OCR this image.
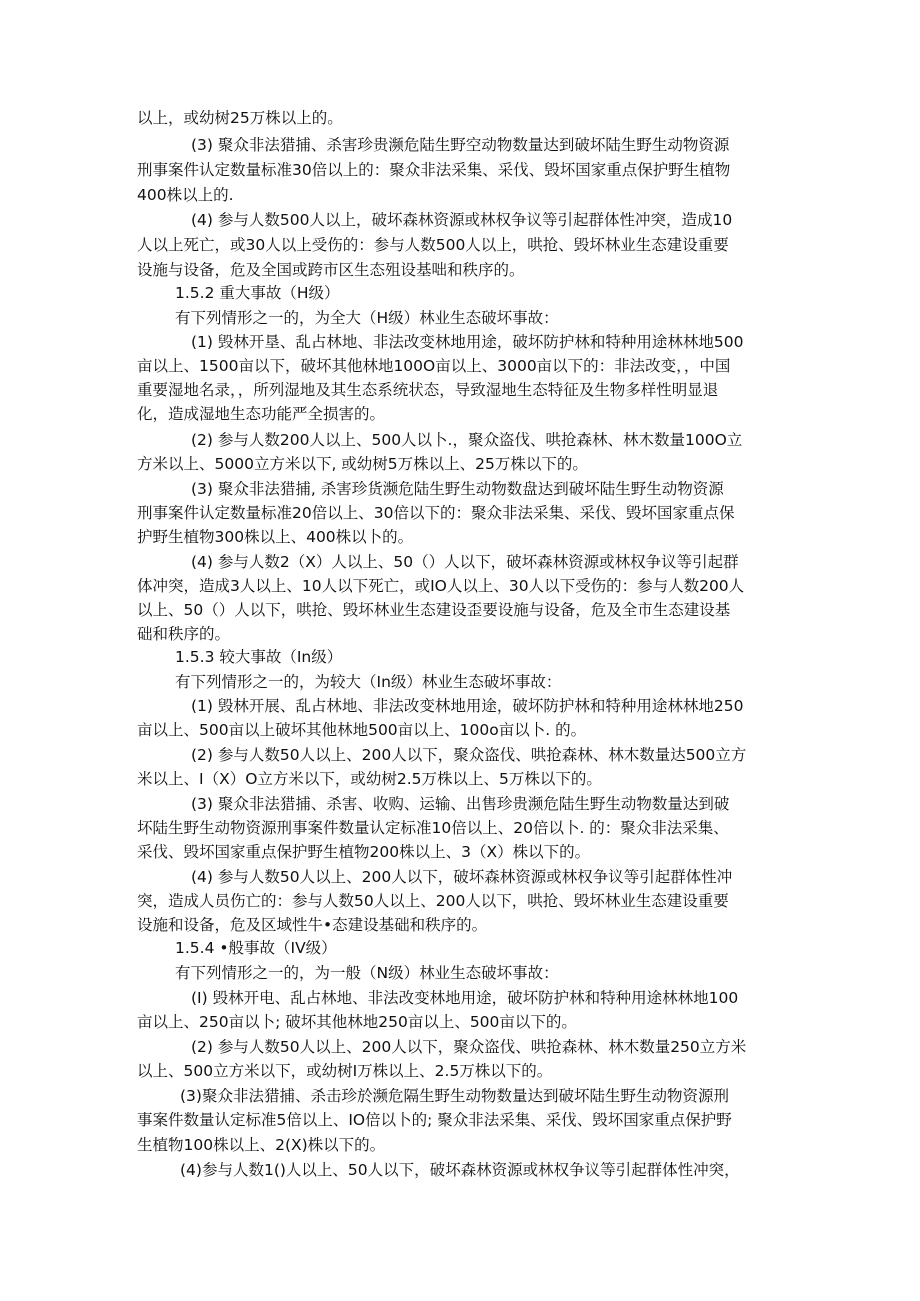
以上，或幼树25万株以上的。
(3) 聚众非法猎捕、杀害珍贵濒危陆生野空动物数量达到破坏陆生野生动物资源
刑事案件认定数量标准30倍以上的：聚众非法采集、采伐、毁坏国家重点保护野生植物
400株以上的.
(4) 参与人数500人以上，破坏森林资源或林权争议等引起群体性冲突，造成10
人以上死亡，或30人以上受伤的：参与人数500人以上，哄抢、毁坏林业生态建设重要
设施与设备，危及全国或跨市区生态殂设基咄和秩序的。
1.5.2 重大事故（H级）
有下列情形之一的，为全大（H级）林业生态破坏事故：
(1) 毁林开垦、乱占林地、非法改变林地用途，破坏防护林和特种用途林林地500
亩以上、1500亩以下，破坏其他林地100O亩以上、3000亩以下的：非法改变，，中国
重要湿地名录，，所列湿地及其生态系统状态，导致湿地生态特征及生物多样性明显退
化，造成湿地生态功能严全损害的。
(2) 参与人数200人以上、500人以卜.，聚众盗伐、哄抢森林、林木数量100O立
方米以上、5000立方米以下, 或幼树5万株以上、25万株以下的。
(3) 聚众非法猎捕, 杀害珍货濒危陆生野生动物数盘达到破坏陆生野生动物资源
刑事案件认定数量标准20倍以上、30倍以下的：聚众非法采集、采伐、毁坏国家重点保
护野生植物300株以上、400株以卜的。
(4) 参与人数2（X）人以上、50（）人以下，破坏森林资源或林权争议等引起群
体冲突，造成3人以上、10人以下死亡，或IO人以上、30人以下受伤的：参与人数200人
以上、50（）人以下，哄抢、毁坏林业生态建设歪要设施与设备，危及全市生态建设基
础和秩序的。
1.5.3 较大事故（In级）
有下列情形之一的，为较大（In级）林业生态破坏事故：
(1) 毁林开展、乱占林地、非法改变林地用途，破坏防护林和特种用途林林地250
亩以上、500亩以上破坏其他林地500亩以上、100o亩以卜. 的。
(2) 参与人数50人以上、200人以下，聚众盗伐、哄抢森林、林木数量达500立方
米以上、I（X）O立方米以下，或幼树2.5万株以上、5万株以下的。
(3) 聚众非法猎捕、杀害、收购、运输、出售珍贵濒危陆生野生动物数量达到破
坏陆生野生动物资源刑事案件数量认定标准10倍以上、20倍以卜. 的：聚众非法采集、
采伐、毁坏国家重点保护野生植物200株以上、3（X）株以下的。
(4) 参与人数50人以上、200人以下，破坏森林资源或林权争议等引起群体性冲
突，造成人员伤亡的：参与人数50人以上、200人以下，哄抢、毁坏林业生态建设重要
设施和设备，危及区域性牛•态建设基础和秩序的。
1.5.4 •般事故（IV级）
有下列情形之一的，为一般（N级）林业生态破坏事故：
(I) 毁林开电、乱占林地、非法改变林地用途，破坏防护林和特种用途林林地100
亩以上、250亩以卜; 破坏其他林地250亩以上、500亩以下的。
(2) 参与人数50人以上、200人以下，聚众盗伐、哄抢森林、林木数量250立方米
以上、500立方米以下，或幼树I万株以上、2.5万株以下的。
(3)聚众非法猎捕、杀击珍於濒危隔生野生动物数量达到破坏陆生野生动物资源刑
事案件数量认定标准5倍以上、IO倍以卜的; 聚众非法采集、采伐、毁坏国家重点保护野
生植物100株以上、2(X)株以下的。
(4)参与人数1()人以上、50人以下，破坏森林资源或林权争议等引起群体性冲突，
